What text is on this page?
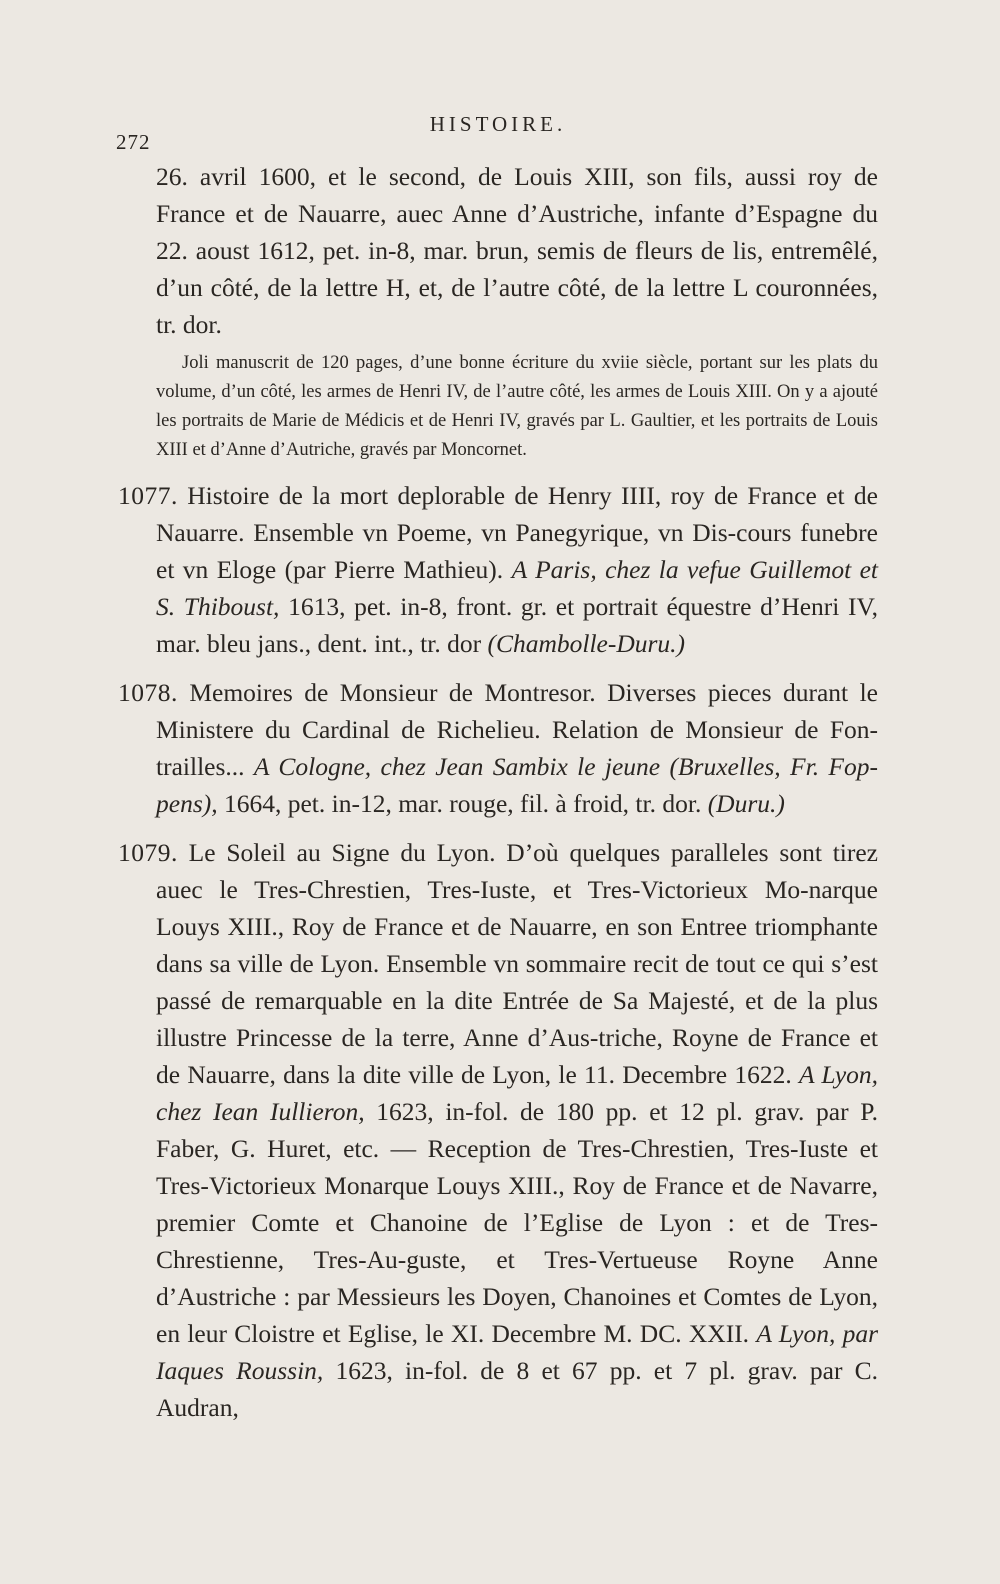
272
HISTOIRE.

26. avril 1600, et le second, de Louis XIII, son fils, aussi roy de France et de Nauarre, auec Anne d’Austriche, infante d’Espagne du 22. aoust 1612, pet. in-8, mar. brun, semis de fleurs de lis, entremêlé, d’un côté, de la lettre H, et, de l’autre côté, de la lettre L couronnées, tr. dor.

Joli manuscrit de 120 pages, d’une bonne écriture du xviie siècle, portant sur les plats du volume, d’un côté, les armes de Henri IV, de l’autre côté, les armes de Louis XIII. On y a ajouté les portraits de Marie de Médicis et de Henri IV, gravés par L. Gaultier, et les portraits de Louis XIII et d’Anne d’Autriche, gravés par Moncornet.

1077. Histoire de la mort deplorable de Henry IIII, roy de France et de Nauarre. Ensemble vn Poeme, vn Panegyrique, vn Dis-cours funebre et vn Eloge (par Pierre Mathieu). A Paris, chez la vefue Guillemot et S. Thiboust, 1613, pet. in-8, front. gr. et portrait équestre d’Henri IV, mar. bleu jans., dent. int., tr. dor (Chambolle-Duru.)

1078. Memoires de Monsieur de Montresor. Diverses pieces durant le Ministere du Cardinal de Richelieu. Relation de Monsieur de Fon-trailles... A Cologne, chez Jean Sambix le jeune (Bruxelles, Fr. Fop-pens), 1664, pet. in-12, mar. rouge, fil. à froid, tr. dor. (Duru.)

1079. Le Soleil au Signe du Lyon. D’où quelques paralleles sont tirez auec le Tres-Chrestien, Tres-Iuste, et Tres-Victorieux Mo-narque Louys XIII., Roy de France et de Nauarre, en son Entree triomphante dans sa ville de Lyon. Ensemble vn sommaire recit de tout ce qui s’est passé de remarquable en la dite Entrée de Sa Majesté, et de la plus illustre Princesse de la terre, Anne d’Aus-triche, Royne de France et de Nauarre, dans la dite ville de Lyon, le 11. Decembre 1622. A Lyon, chez Iean Iullieron, 1623, in-fol. de 180 pp. et 12 pl. grav. par P. Faber, G. Huret, etc. — Reception de Tres-Chrestien, Tres-Iuste et Tres-Victorieux Monarque Louys XIII., Roy de France et de Navarre, premier Comte et Chanoine de l’Eglise de Lyon : et de Tres-Chrestienne, Tres-Au-guste, et Tres-Vertueuse Royne Anne d’Austriche : par Messieurs les Doyen, Chanoines et Comtes de Lyon, en leur Cloistre et Eglise, le XI. Decembre M. DC. XXII. A Lyon, par Iaques Roussin, 1623, in-fol. de 8 et 67 pp. et 7 pl. grav. par C. Audran,
